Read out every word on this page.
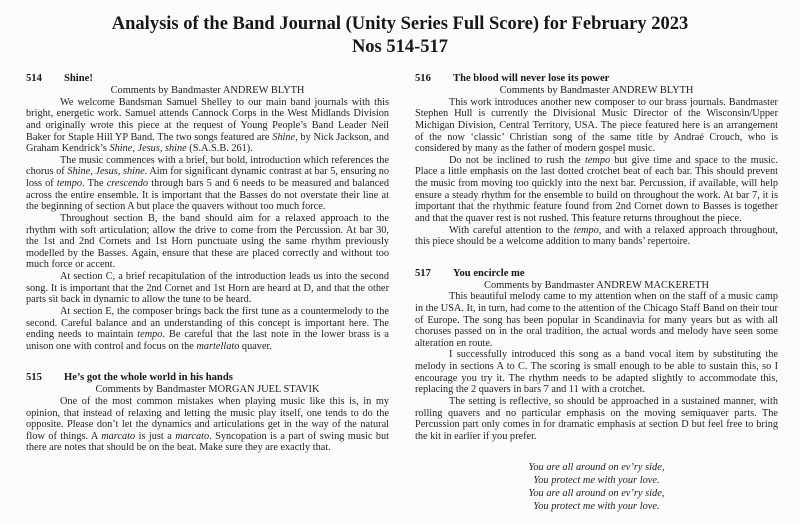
Analysis of the Band Journal (Unity Series Full Score) for February 2023
Nos 514-517
514 Shine!
Comments by Bandmaster ANDREW BLYTH

We welcome Bandsman Samuel Shelley to our main band journals with this bright, energetic work. Samuel attends Cannock Corps in the West Midlands Division and originally wrote this piece at the request of Young People’s Band Leader Neil Baker for Staple Hill YP Band. The two songs featured are Shine, by Nick Jackson, and Graham Kendrick’s Shine, Jesus, shine (S.A.S.B. 261).

The music commences with a brief, but bold, introduction which references the chorus of Shine, Jesus, shine. Aim for significant dynamic contrast at bar 5, ensuring no loss of tempo. The crescendo through bars 5 and 6 needs to be measured and balanced across the entire ensemble. It is important that the Basses do not overstate their line at the beginning of section A but place the quavers without too much force.

Throughout section B, the band should aim for a relaxed approach to the rhythm with soft articulation; allow the drive to come from the Percussion. At bar 30, the 1st and 2nd Cornets and 1st Horn punctuate using the same rhythm previously modelled by the Basses. Again, ensure that these are placed correctly and without too much force or accent.

At section C, a brief recapitulation of the introduction leads us into the second song. It is important that the 2nd Cornet and 1st Horn are heard at D, and that the other parts sit back in dynamic to allow the tune to be heard.

At section E, the composer brings back the first tune as a countermelody to the second. Careful balance and an understanding of this concept is important here. The ending needs to maintain tempo. Be careful that the last note in the lower brass is a unison one with control and focus on the martellato quaver.

515 He’s got the whole world in his hands
Comments by Bandmaster MORGAN JUEL STAVIK

One of the most common mistakes when playing music like this is, in my opinion, that instead of relaxing and letting the music play itself, one tends to do the opposite. Please don’t let the dynamics and articulations get in the way of the natural flow of things. A marcato is just a marcato. Syncopation is a part of swing music but there are notes that should be on the beat. Make sure they are exactly that.

516 The blood will never lose its power
Comments by Bandmaster ANDREW BLYTH

This work introduces another new composer to our brass journals. Bandmaster Stephen Hull is currently the Divisional Music Director of the Wisconsin/Upper Michigan Division, Central Territory, USA. The piece featured here is an arrangement of the now ‘classic’ Christian song of the same title by Andraé Crouch, who is considered by many as the father of modern gospel music.

Do not be inclined to rush the tempo but give time and space to the music. Place a little emphasis on the last dotted crotchet beat of each bar. This should prevent the music from moving too quickly into the next bar. Percussion, if available, will help ensure a steady rhythm for the ensemble to build on throughout the work. At bar 7, it is important that the rhythmic feature found from 2nd Cornet down to Basses is together and that the quaver rest is not rushed. This feature returns throughout the piece.

With careful attention to the tempo, and with a relaxed approach throughout, this piece should be a welcome addition to many bands’ repertoire.

517 You encircle me
Comments by Bandmaster ANDREW MACKERETH

This beautiful melody came to my attention when on the staff of a music camp in the USA. It, in turn, had come to the attention of the Chicago Staff Band on their tour of Europe. The song has been popular in Scandinavia for many years but as with all choruses passed on in the oral tradition, the actual words and melody have seen some alteration en route.

I successfully introduced this song as a band vocal item by substituting the melody in sections A to C. The scoring is small enough to be able to sustain this, so I encourage you try it. The rhythm needs to be adapted slightly to accommodate this, replacing the 2 quavers in bars 7 and 11 with a crotchet.

The setting is reflective, so should be approached in a sustained manner, with rolling quavers and no particular emphasis on the moving semiquaver parts. The Percussion part only comes in for dramatic emphasis at section D but feel free to bring the kit in earlier if you prefer.

You are all around on ev’ry side,
You protect me with your love.
You are all around on ev’ry side,
You protect me with your love.
